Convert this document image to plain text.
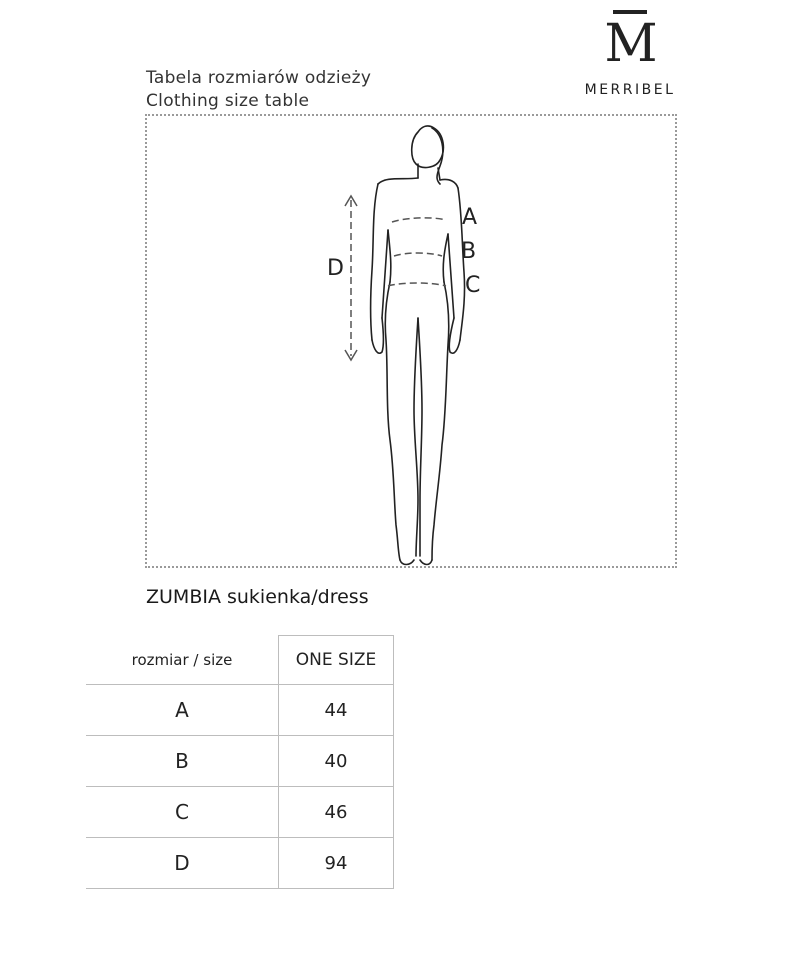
M
MERRIBEL
Tabela rozmiarów odzieży
Clothing size table
A
B
C
D
ZUMBIA sukienka/dress
rozmiar / size	ONE SIZE
A	44
B	40
C	46
D	94
